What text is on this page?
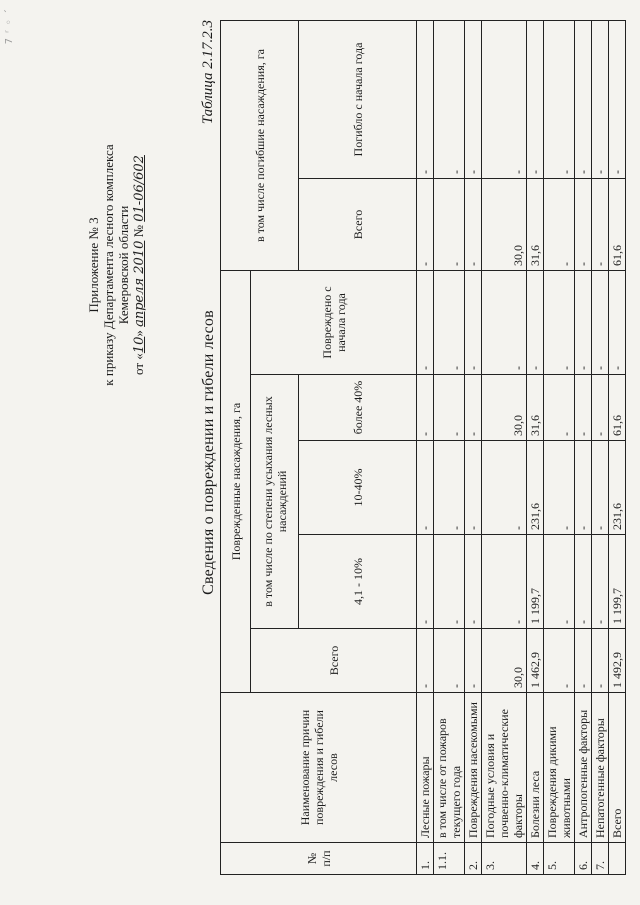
7 ʳ ◦ ˊ
Приложение № 3 к приказу Департамента лесного комплекса Кемеровской области
от «10» апреля 2010 № 01-06/602
Таблица 2.17.2.3
Сведения о повреждении и гибели лесов
№ п/п	Наименование причин повреждения и гибели лесов	Поврежденные насаждения, га					в том числе погибшие насаждения, га	
		Всего	в том числе по степени усыхания лесных насаждений			Повреждено с начала года		
			4,1 - 10%	10-40%	более 40%		Всего	Погибло с начала года
1.	Лесные пожары	-	-	-	-	-	-	-
1.1.	в том числе от пожаров текущего года	-	-	-	-	-	-	-
2.	Повреждения насекомыми	-	-	-	-	-	-	-
3.	Погодные условия и почвенно-климатические факторы	30,0	-	-	30,0	-	30,0	-
4.	Болезни леса	1 462,9	1 199,7	231,6	31,6	-	31,6	-
5.	Повреждения дикими животными	-	-	-	-	-	-	-
6.	Антропогенные факторы	-	-	-	-	-	-	-
7.	Непатогенные факторы	-	-	-	-	-	-	-
	Всего	1 492,9	1 199,7	231,6	61,6	-	61,6	-
